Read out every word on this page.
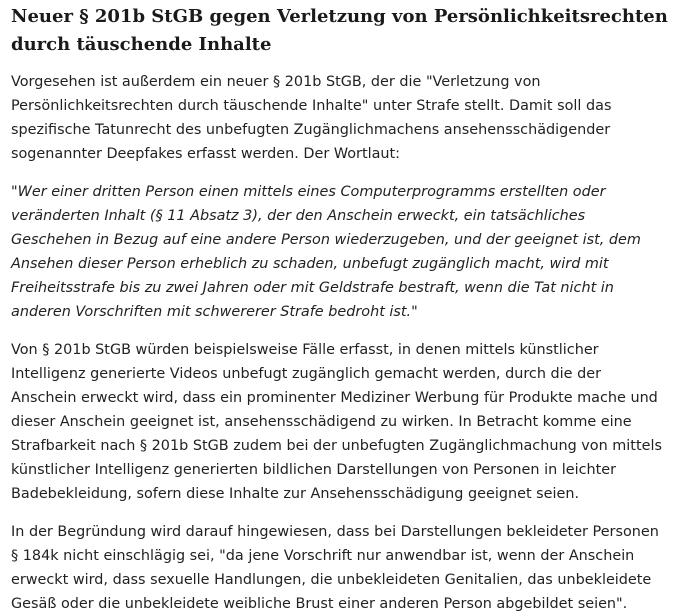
Neuer § 201b StGB gegen Verletzung von Persönlichkeitsrechten durch täuschende Inhalte

Vorgesehen ist außerdem ein neuer § 201b StGB, der die "Verletzung von Persönlichkeitsrechten durch täuschende Inhalte" unter Strafe stellt. Damit soll das spezifische Tatunrecht des unbefugten Zugänglichmachens ansehensschädigender sogenannter Deepfakes erfasst werden. Der Wortlaut:

"Wer einer dritten Person einen mittels eines Computerprogramms erstellten oder veränderten Inhalt (§ 11 Absatz 3), der den Anschein erweckt, ein tatsächliches Geschehen in Bezug auf eine andere Person wiederzugeben, und der geeignet ist, dem Ansehen dieser Person erheblich zu schaden, unbefugt zugänglich macht, wird mit Freiheitsstrafe bis zu zwei Jahren oder mit Geldstrafe bestraft, wenn die Tat nicht in anderen Vorschriften mit schwererer Strafe bedroht ist."

Von § 201b StGB würden beispielsweise Fälle erfasst, in denen mittels künstlicher Intelligenz generierte Videos unbefugt zugänglich gemacht werden, durch die der Anschein erweckt wird, dass ein prominenter Mediziner Werbung für Produkte mache und dieser Anschein geeignet ist, ansehensschädigend zu wirken. In Betracht komme eine Strafbarkeit nach § 201b StGB zudem bei der unbefugten Zugänglichmachung von mittels künstlicher Intelligenz generierten bildlichen Darstellungen von Personen in leichter Badebekleidung, sofern diese Inhalte zur Ansehensschädigung geeignet seien.

In der Begründung wird darauf hingewiesen, dass bei Darstellungen bekleideter Personen § 184k nicht einschlägig sei, "da jene Vorschrift nur anwendbar ist, wenn der Anschein erweckt wird, dass sexuelle Handlungen, die unbekleideten Genitalien, das unbekleidete Gesäß oder die unbekleidete weibliche Brust einer anderen Person abgebildet seien".
